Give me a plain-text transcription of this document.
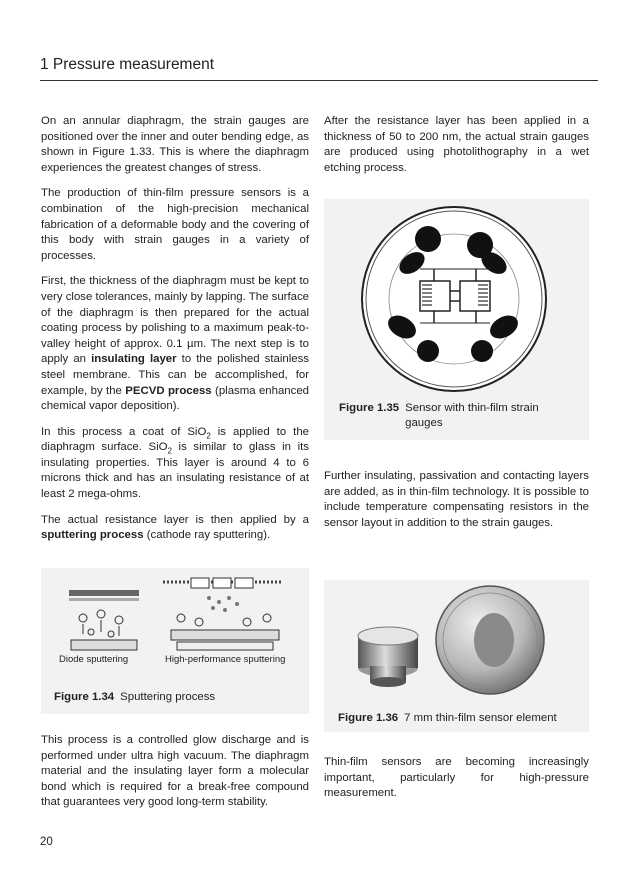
1 Pressure measurement

On an annular diaphragm, the strain gauges are positioned over the inner and outer bending edge, as shown in Figure 1.33. This is where the diaphragm experiences the greatest changes of stress.

The production of thin-film pressure sensors is a combination of the high-precision mechanical fabrication of a deformable body and the covering of this body with strain gauges in a variety of processes.

First, the thickness of the diaphragm must be kept to very close tolerances, mainly by lapping. The surface of the diaphragm is then prepared for the actual coating process by polishing to a maximum peak-to-valley height of approx. 0.1 µm. The next step is to apply an insulating layer to the polished stainless steel membrane. This can be accomplished, for example, by the PECVD process (plasma enhanced chemical vapor deposition).

In this process a coat of SiO$_2$ is applied to the diaphragm surface. SiO$_2$ is similar to glass in its insulating properties. This layer is around 4 to 6 microns thick and has an insulating resistance of at least 2 mega-ohms.

The actual resistance layer is then applied by a sputtering process (cathode ray sputtering).

After the resistance layer has been applied in a thickness of 50 to 200 nm, the actual strain gauges are produced using photolithography in a wet etching process.

Figure 1.35 Sensor with thin-film strain gauges
Further insulating, passivation and contacting layers are added, as in thin-film technology. It is possible to include temperature compensating resistors in the sensor layout in addition to the strain gauges.
Diode sputtering	High-performance sputtering
Figure 1.34 Sputtering process
Figure 1.36 7 mm thin-film sensor element
This process is a controlled glow discharge and is performed under ultra high vacuum. The diaphragm material and the insulating layer form a molecular bond which is required for a break-free compound that guarantees very good long-term stability.
Thin-film sensors are becoming increasingly important, particularly for high-pressure measurement.
20
